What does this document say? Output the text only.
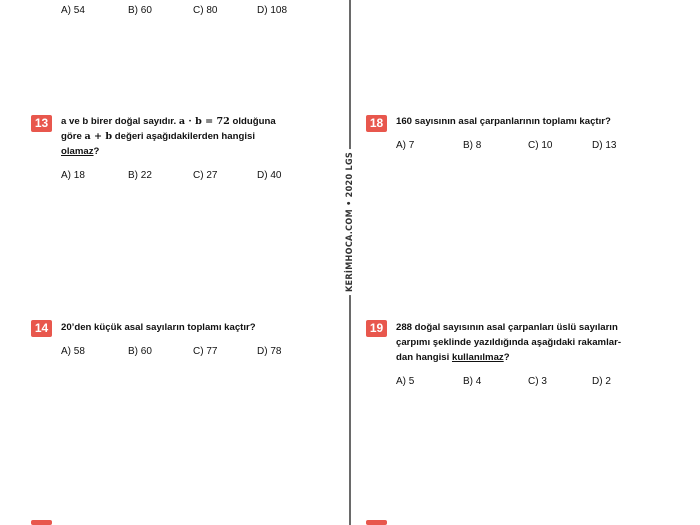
KERİMHOCA.COM • 2020 LGS
A) 54	B) 60	C) 80	D) 108
13	a ve b birer doğal sayıdır. a · b = 72 olduğuna
göre a + b değeri aşağıdakilerden hangisi
olamaz?
A) 18	B) 22	C) 27	D) 40
14	20’den küçük asal sayıların toplamı kaçtır?
A) 58	B) 60	C) 77	D) 78
18	160 sayısının asal çarpanlarının toplamı kaçtır?
A) 7	B) 8	C) 10	D) 13
19	288 doğal sayısının asal çarpanları üslü sayıların
çarpımı şeklinde yazıldığında aşağıdaki rakamlar-
dan hangisi kullanılmaz?
A) 5	B) 4	C) 3	D) 2
